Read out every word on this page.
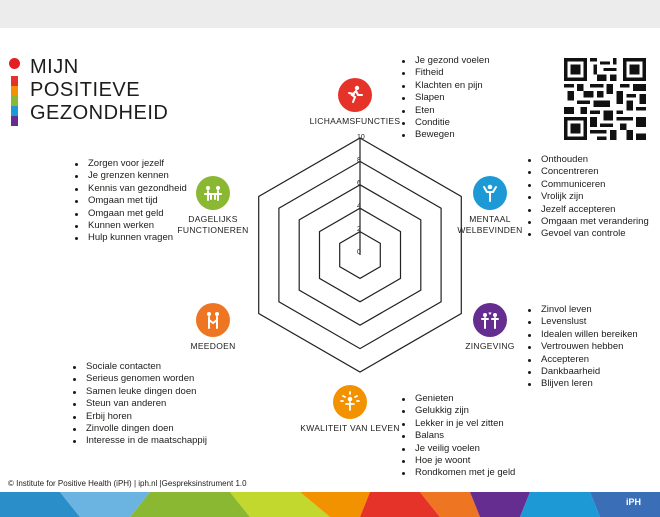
MIJN
POSITIEVE
GEZONDHEID
10
8
6
4
2
0
LICHAAMSFUNCTIES
MENTAAL
WELBEVINDEN
ZINGEVING
KWALITEIT VAN LEVEN
MEEDOEN
DAGELIJKS
FUNCTIONEREN
Je gezond voelen
Fitheid
Klachten en pijn
Slapen
Eten
Conditie
Bewegen
Onthouden
Concentreren
Communiceren
Vrolijk zijn
Jezelf accepteren
Omgaan met verandering
Gevoel van controle
Zinvol leven
Levenslust
Idealen willen bereiken
Vertrouwen hebben
Accepteren
Dankbaarheid
Blijven leren
Genieten
Gelukkig zijn
Lekker in je vel zitten
Balans
Je veilig voelen
Hoe je woont
Rondkomen met je geld
Sociale contacten
Serieus genomen worden
Samen leuke dingen doen
Steun van anderen
Erbij horen
Zinvolle dingen doen
Interesse in de maatschappij
Zorgen voor jezelf
Je grenzen kennen
Kennis van gezondheid
Omgaan met tijd
Omgaan met geld
Kunnen werken
Hulp kunnen vragen
© Institute for Positive Health (iPH) | iph.nl |Gespreksinstrument 1.0
iPH
